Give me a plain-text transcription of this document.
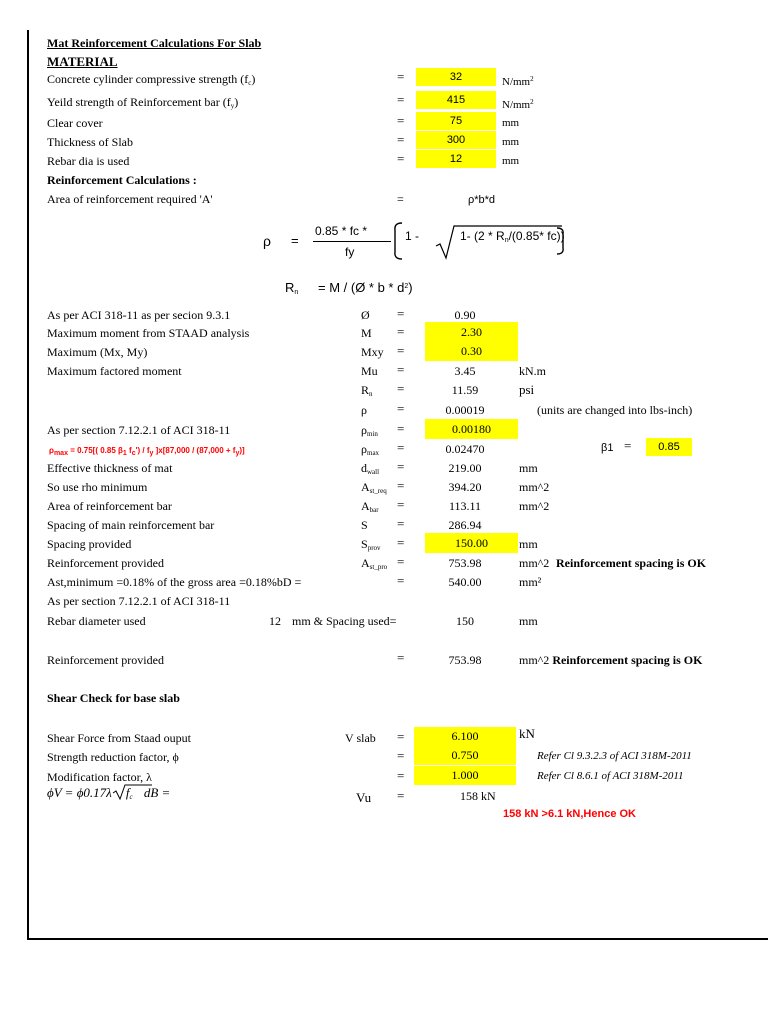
Mat Reinforcement Calculations For Slab
MATERIAL
Concrete cylinder compressive strength $(f_c)$	=	32	$N/mm^2$
Yeild strength of Reinforcement bar $(f_y)$	=	415	$N/mm^2$
Clear cover	=	75	mm
Thickness of Slab	=	300	mm
Rebar dia is used	=	12	mm
Reinforcement Calculations :
Area of reinforcement required 'A'	=	ρ*b*d
ρ =
0.85 * fc *
fy
1 -	1- ($2 * R_n/(0.85*$ fc))
$R_n = M$ / (Ø * b * $d^2$)
As per ACI 318-11 as per secion 9.3.1	Ø =	0.90
Maximum moment from STAAD analysis	M =	2.30
Maximum (Mx, My)	Mxy =	0.30
Maximum factored moment	Mu =	3.45	kN.m
$R_n$ =	11.59	psi
ρ =	0.00019	(units are changed into lbs-inch)
As per section 7.12.2.1 of ACI 318-11	$\rho_{min}$ =	0.00180
$\rho_{max}$ =	0.02470
Effective thickness of mat	$d_{wall}$ =	219.00	mm
So use rho minimum	$A_{st\_req}$ =	394.20	mm^2
Area of reinforcement bar	$A_{bar}$ =	113.11	mm^2
Spacing of main reinforcement bar	S =	286.94
Spacing provided	$S_{prov}$ =	150.00	mm
Reinforcement provided	$A_{st\_pro}$ =	753.98	mm^2 Reinforcement spacing is OK
Ast,minimum =0.18% of the gross area =0.18%bD =	=	540.00	mm²
ρmax = 0.75[( 0.85 β1 fc') / fy ]x[87,000 / (87,000 + fy)]	β1 =	0.85
As per section 7.12.2.1 of ACI 318-11
Rebar diameter used	12 mm & Spacing used=	150	mm
Reinforcement provided	=	753.98	mm^2 Reinforcement spacing is OK
Shear Check for base slab
Shear Force from Staad ouput	V slab =	6.100	kN
Strength reduction factor, ϕ	=	0.750	Refer Cl 9.3.2.3 of ACI 318M-2011
Modification factor, λ	=	1.000	Refer Cl 8.6.1 of ACI 318M-2011
ϕV = ϕ0.17λ $f_c$ dB =	Vu =	158 kN
158 kN >6.1 kN,Hence OK
